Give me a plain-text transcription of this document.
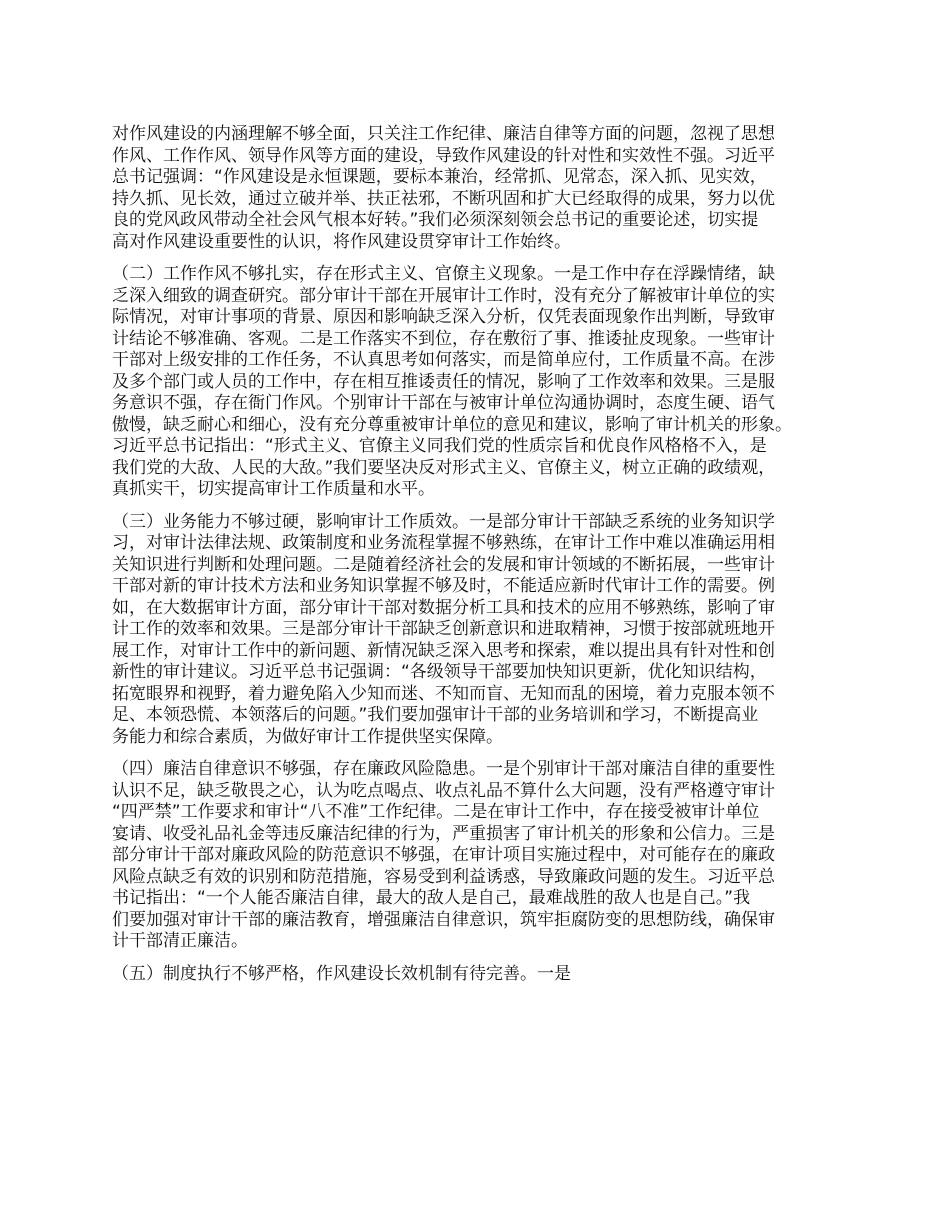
对作风建设的内涵理解不够全面，只关注工作纪律、廉洁自律等方面的问题，忽视了思想
作风、工作作风、领导作风等方面的建设，导致作风建设的针对性和实效性不强。习近平
总书记强调：“作风建设是永恒课题，要标本兼治，经常抓、见常态，深入抓、见实效，
持久抓、见长效，通过立破并举、扶正祛邪，不断巩固和扩大已经取得的成果，努力以优
良的党风政风带动全社会风气根本好转。”我们必须深刻领会总书记的重要论述，切实提
高对作风建设重要性的认识，将作风建设贯穿审计工作始终。
（二）工作作风不够扎实，存在形式主义、官僚主义现象。一是工作中存在浮躁情绪，缺
乏深入细致的调查研究。部分审计干部在开展审计工作时，没有充分了解被审计单位的实
际情况，对审计事项的背景、原因和影响缺乏深入分析，仅凭表面现象作出判断，导致审
计结论不够准确、客观。二是工作落实不到位，存在敷衍了事、推诿扯皮现象。一些审计
干部对上级安排的工作任务，不认真思考如何落实，而是简单应付，工作质量不高。在涉
及多个部门或人员的工作中，存在相互推诿责任的情况，影响了工作效率和效果。三是服
务意识不强，存在衙门作风。个别审计干部在与被审计单位沟通协调时，态度生硬、语气
傲慢，缺乏耐心和细心，没有充分尊重被审计单位的意见和建议，影响了审计机关的形象。
习近平总书记指出：“形式主义、官僚主义同我们党的性质宗旨和优良作风格格不入，是
我们党的大敌、人民的大敌。”我们要坚决反对形式主义、官僚主义，树立正确的政绩观，
真抓实干，切实提高审计工作质量和水平。
（三）业务能力不够过硬，影响审计工作质效。一是部分审计干部缺乏系统的业务知识学
习，对审计法律法规、政策制度和业务流程掌握不够熟练，在审计工作中难以准确运用相
关知识进行判断和处理问题。二是随着经济社会的发展和审计领域的不断拓展，一些审计
干部对新的审计技术方法和业务知识掌握不够及时，不能适应新时代审计工作的需要。例
如，在大数据审计方面，部分审计干部对数据分析工具和技术的应用不够熟练，影响了审
计工作的效率和效果。三是部分审计干部缺乏创新意识和进取精神，习惯于按部就班地开
展工作，对审计工作中的新问题、新情况缺乏深入思考和探索，难以提出具有针对性和创
新性的审计建议。习近平总书记强调：“各级领导干部要加快知识更新，优化知识结构，
拓宽眼界和视野，着力避免陷入少知而迷、不知而盲、无知而乱的困境，着力克服本领不
足、本领恐慌、本领落后的问题。”我们要加强审计干部的业务培训和学习，不断提高业
务能力和综合素质，为做好审计工作提供坚实保障。
（四）廉洁自律意识不够强，存在廉政风险隐患。一是个别审计干部对廉洁自律的重要性
认识不足，缺乏敬畏之心，认为吃点喝点、收点礼品不算什么大问题，没有严格遵守审计
“四严禁”工作要求和审计“八不准”工作纪律。二是在审计工作中，存在接受被审计单位
宴请、收受礼品礼金等违反廉洁纪律的行为，严重损害了审计机关的形象和公信力。三是
部分审计干部对廉政风险的防范意识不够强，在审计项目实施过程中，对可能存在的廉政
风险点缺乏有效的识别和防范措施，容易受到利益诱惑，导致廉政问题的发生。习近平总
书记指出：“一个人能否廉洁自律，最大的敌人是自己，最难战胜的敌人也是自己。”我
们要加强对审计干部的廉洁教育，增强廉洁自律意识，筑牢拒腐防变的思想防线，确保审
计干部清正廉洁。
（五）制度执行不够严格，作风建设长效机制有待完善。一是
